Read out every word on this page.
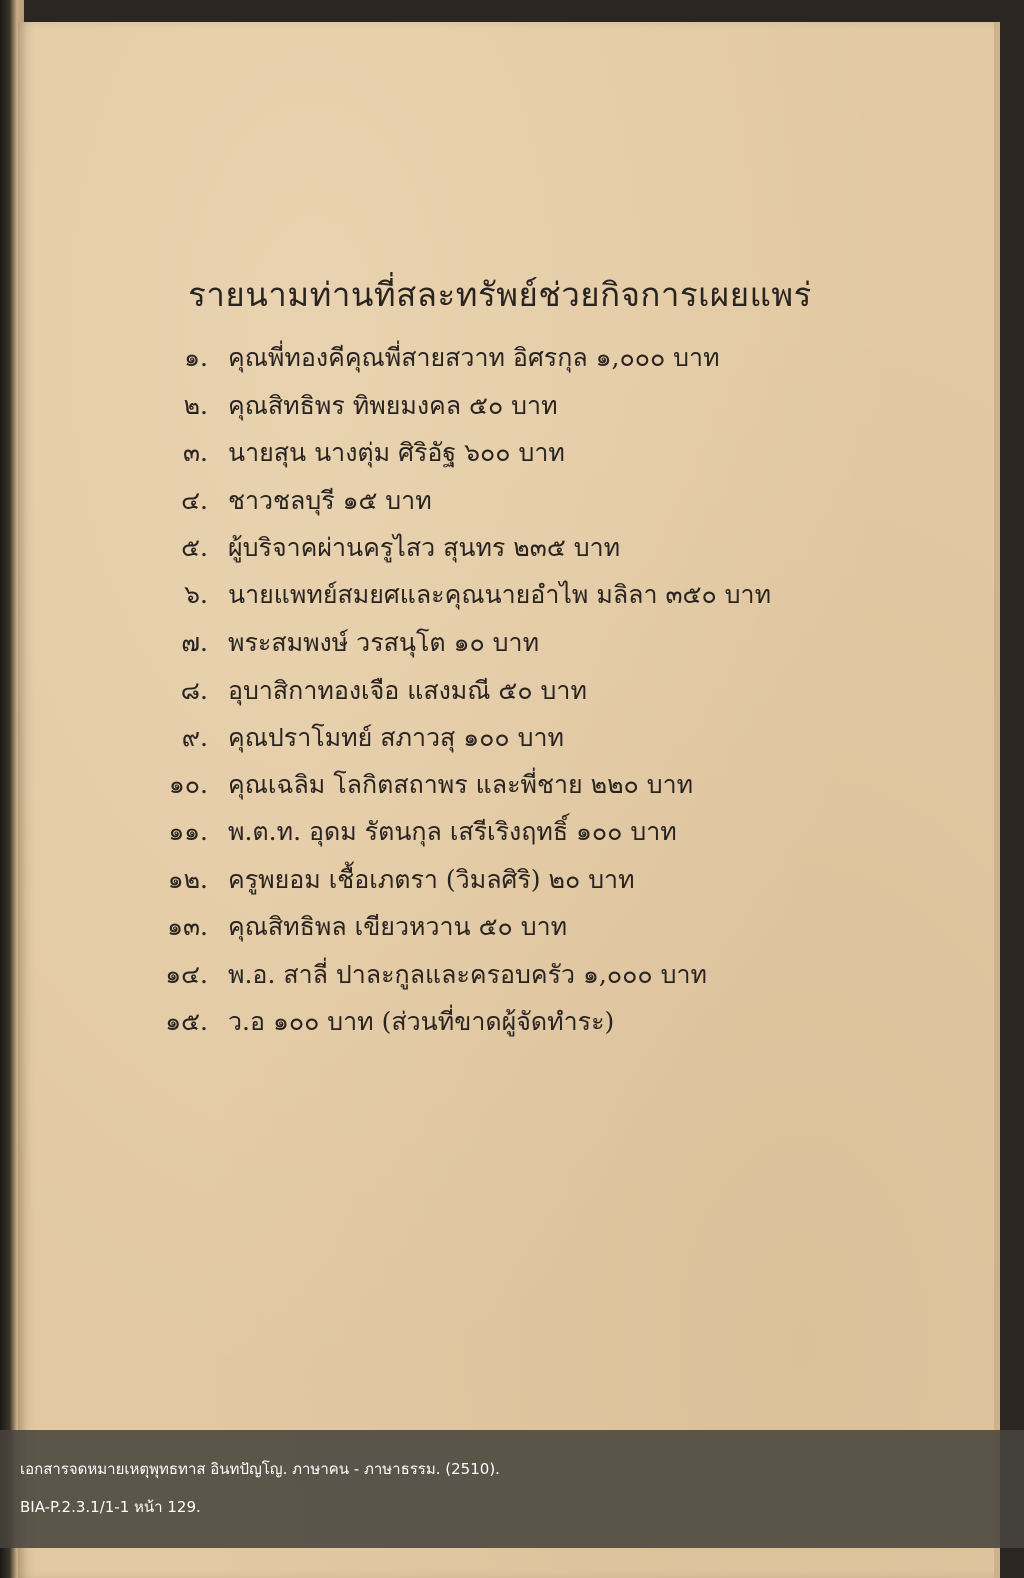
รายนามท่านที่สละทรัพย์ช่วยกิจการเผยแพร่
๑. คุณพี่ทองคีคุณพี่สายสวาท อิศรกุล ๑,๐๐๐ บาท
๒. คุณสิทธิพร ทิพยมงคล ๕๐ บาท
๓. นายสุน นางตุ่ม ศิริอัฐ ๖๐๐ บาท
๔. ชาวชลบุรี ๑๕ บาท
๕. ผู้บริจาคผ่านครูไสว สุนทร ๒๓๕ บาท
๖. นายแพทย์สมยศและคุณนายอำไพ มลิลา ๓๕๐ บาท
๗. พระสมพงษ์ วรสนุโต ๑๐ บาท
๘. อุบาสิกาทองเจือ แสงมณี ๕๐ บาท
๙. คุณปราโมทย์ สภาวสุ ๑๐๐ บาท
๑๐. คุณเฉลิม โลกิตสถาพร และพี่ชาย ๒๒๐ บาท
๑๑. พ.ต.ท. อุดม รัตนกุล เสรีเริงฤทธิ์ ๑๐๐ บาท
๑๒. ครูพยอม เชื้อเภตรา (วิมลศิริ) ๒๐ บาท
๑๓. คุณสิทธิพล เขียวหวาน ๕๐ บาท
๑๔. พ.อ. สาลี่ ปาละกูลและครอบครัว ๑,๐๐๐ บาท
๑๕. ว.อ ๑๐๐ บาท (ส่วนที่ขาดผู้จัดทำระ)
เอกสารจดหมายเหตุพุทธทาส อินทปัญโญ. ภาษาคน - ภาษาธรรม. (2510).
BIA-P.2.3.1/1-1 หน้า 129.
